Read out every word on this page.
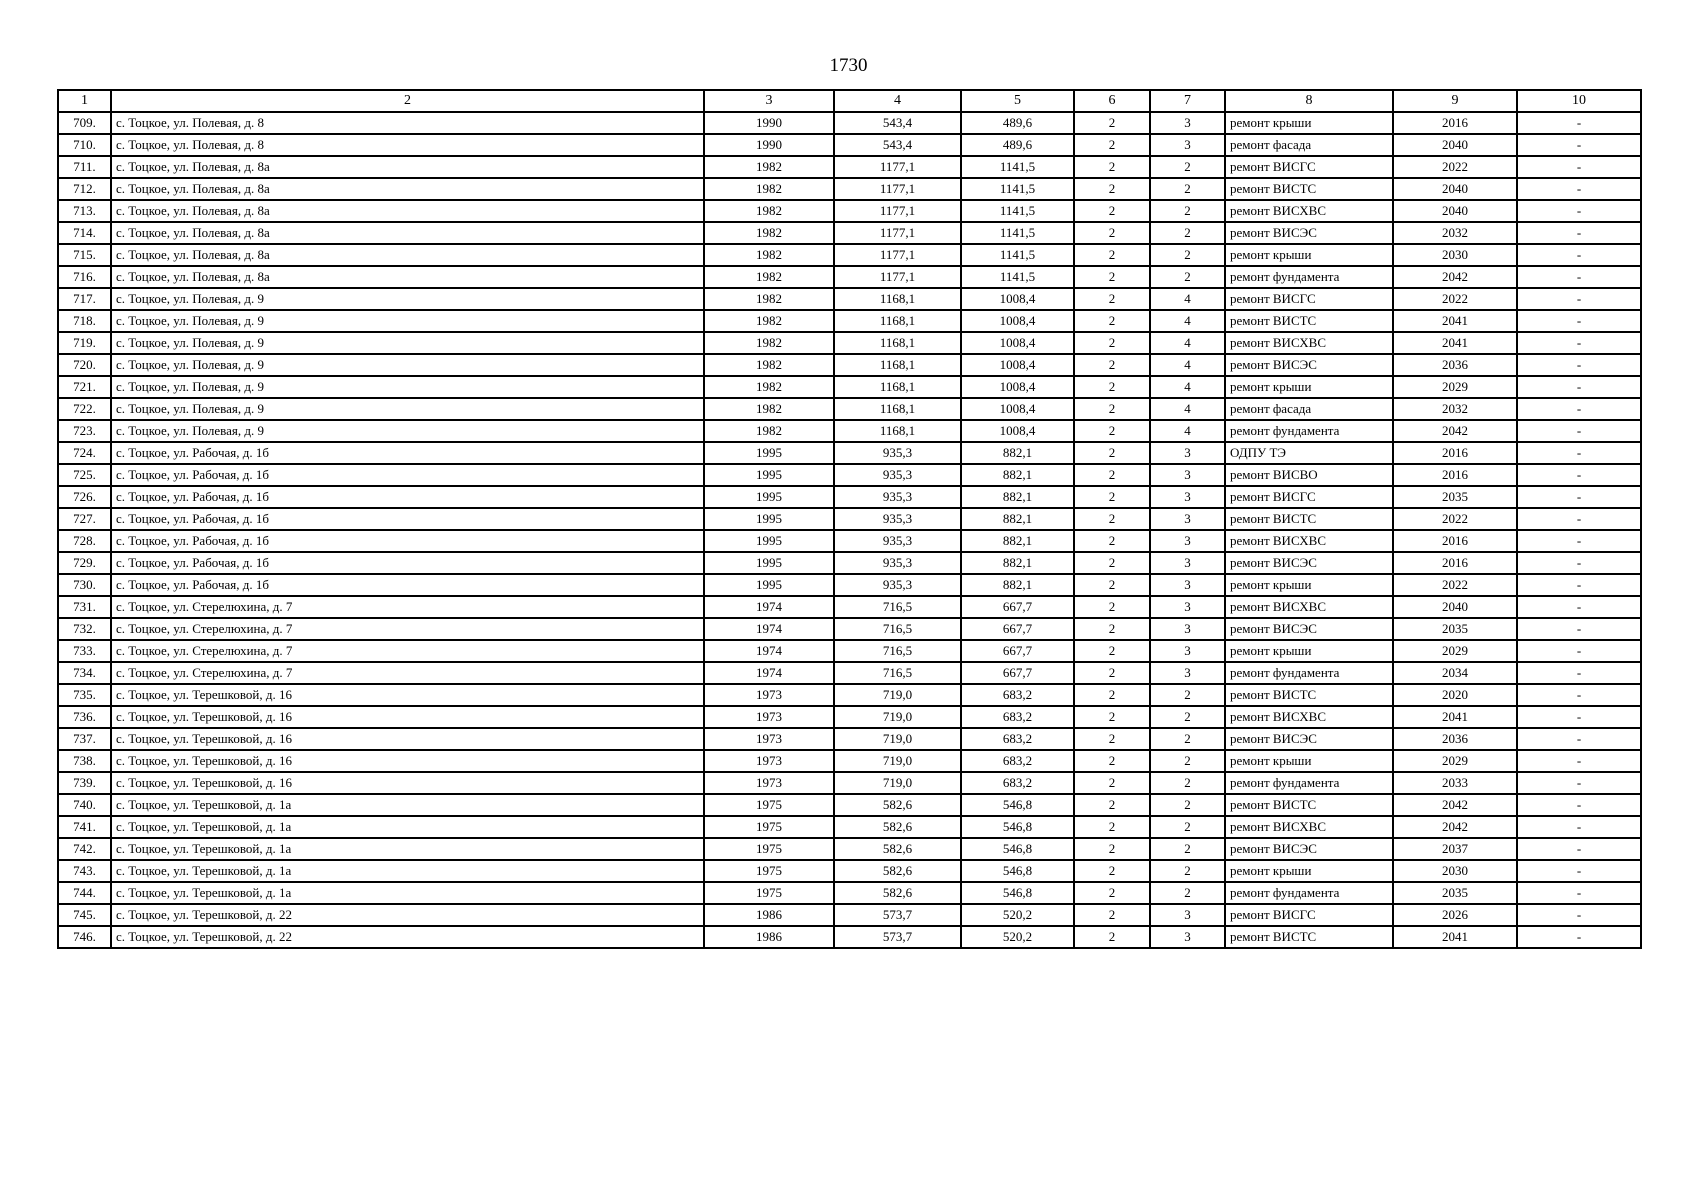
1730
1	2	3	4	5	6	7	8	9	10
709.	с. Тоцкое, ул. Полевая, д. 8	1990	543,4	489,6	2	3	ремонт крыши	2016	-
710.	с. Тоцкое, ул. Полевая, д. 8	1990	543,4	489,6	2	3	ремонт фасада	2040	-
711.	с. Тоцкое, ул. Полевая, д. 8а	1982	1177,1	1141,5	2	2	ремонт ВИСГС	2022	-
712.	с. Тоцкое, ул. Полевая, д. 8а	1982	1177,1	1141,5	2	2	ремонт ВИСТС	2040	-
713.	с. Тоцкое, ул. Полевая, д. 8а	1982	1177,1	1141,5	2	2	ремонт ВИСХВС	2040	-
714.	с. Тоцкое, ул. Полевая, д. 8а	1982	1177,1	1141,5	2	2	ремонт ВИСЭС	2032	-
715.	с. Тоцкое, ул. Полевая, д. 8а	1982	1177,1	1141,5	2	2	ремонт крыши	2030	-
716.	с. Тоцкое, ул. Полевая, д. 8а	1982	1177,1	1141,5	2	2	ремонт фундамента	2042	-
717.	с. Тоцкое, ул. Полевая, д. 9	1982	1168,1	1008,4	2	4	ремонт ВИСГС	2022	-
718.	с. Тоцкое, ул. Полевая, д. 9	1982	1168,1	1008,4	2	4	ремонт ВИСТС	2041	-
719.	с. Тоцкое, ул. Полевая, д. 9	1982	1168,1	1008,4	2	4	ремонт ВИСХВС	2041	-
720.	с. Тоцкое, ул. Полевая, д. 9	1982	1168,1	1008,4	2	4	ремонт ВИСЭС	2036	-
721.	с. Тоцкое, ул. Полевая, д. 9	1982	1168,1	1008,4	2	4	ремонт крыши	2029	-
722.	с. Тоцкое, ул. Полевая, д. 9	1982	1168,1	1008,4	2	4	ремонт фасада	2032	-
723.	с. Тоцкое, ул. Полевая, д. 9	1982	1168,1	1008,4	2	4	ремонт фундамента	2042	-
724.	с. Тоцкое, ул. Рабочая, д. 1б	1995	935,3	882,1	2	3	ОДПУ ТЭ	2016	-
725.	с. Тоцкое, ул. Рабочая, д. 1б	1995	935,3	882,1	2	3	ремонт ВИСВО	2016	-
726.	с. Тоцкое, ул. Рабочая, д. 1б	1995	935,3	882,1	2	3	ремонт ВИСГС	2035	-
727.	с. Тоцкое, ул. Рабочая, д. 1б	1995	935,3	882,1	2	3	ремонт ВИСТС	2022	-
728.	с. Тоцкое, ул. Рабочая, д. 1б	1995	935,3	882,1	2	3	ремонт ВИСХВС	2016	-
729.	с. Тоцкое, ул. Рабочая, д. 1б	1995	935,3	882,1	2	3	ремонт ВИСЭС	2016	-
730.	с. Тоцкое, ул. Рабочая, д. 1б	1995	935,3	882,1	2	3	ремонт крыши	2022	-
731.	с. Тоцкое, ул. Стерелюхина, д. 7	1974	716,5	667,7	2	3	ремонт ВИСХВС	2040	-
732.	с. Тоцкое, ул. Стерелюхина, д. 7	1974	716,5	667,7	2	3	ремонт ВИСЭС	2035	-
733.	с. Тоцкое, ул. Стерелюхина, д. 7	1974	716,5	667,7	2	3	ремонт крыши	2029	-
734.	с. Тоцкое, ул. Стерелюхина, д. 7	1974	716,5	667,7	2	3	ремонт фундамента	2034	-
735.	с. Тоцкое, ул. Терешковой, д. 16	1973	719,0	683,2	2	2	ремонт ВИСТС	2020	-
736.	с. Тоцкое, ул. Терешковой, д. 16	1973	719,0	683,2	2	2	ремонт ВИСХВС	2041	-
737.	с. Тоцкое, ул. Терешковой, д. 16	1973	719,0	683,2	2	2	ремонт ВИСЭС	2036	-
738.	с. Тоцкое, ул. Терешковой, д. 16	1973	719,0	683,2	2	2	ремонт крыши	2029	-
739.	с. Тоцкое, ул. Терешковой, д. 16	1973	719,0	683,2	2	2	ремонт фундамента	2033	-
740.	с. Тоцкое, ул. Терешковой, д. 1а	1975	582,6	546,8	2	2	ремонт ВИСТС	2042	-
741.	с. Тоцкое, ул. Терешковой, д. 1а	1975	582,6	546,8	2	2	ремонт ВИСХВС	2042	-
742.	с. Тоцкое, ул. Терешковой, д. 1а	1975	582,6	546,8	2	2	ремонт ВИСЭС	2037	-
743.	с. Тоцкое, ул. Терешковой, д. 1а	1975	582,6	546,8	2	2	ремонт крыши	2030	-
744.	с. Тоцкое, ул. Терешковой, д. 1а	1975	582,6	546,8	2	2	ремонт фундамента	2035	-
745.	с. Тоцкое, ул. Терешковой, д. 22	1986	573,7	520,2	2	3	ремонт ВИСГС	2026	-
746.	с. Тоцкое, ул. Терешковой, д. 22	1986	573,7	520,2	2	3	ремонт ВИСТС	2041	-
